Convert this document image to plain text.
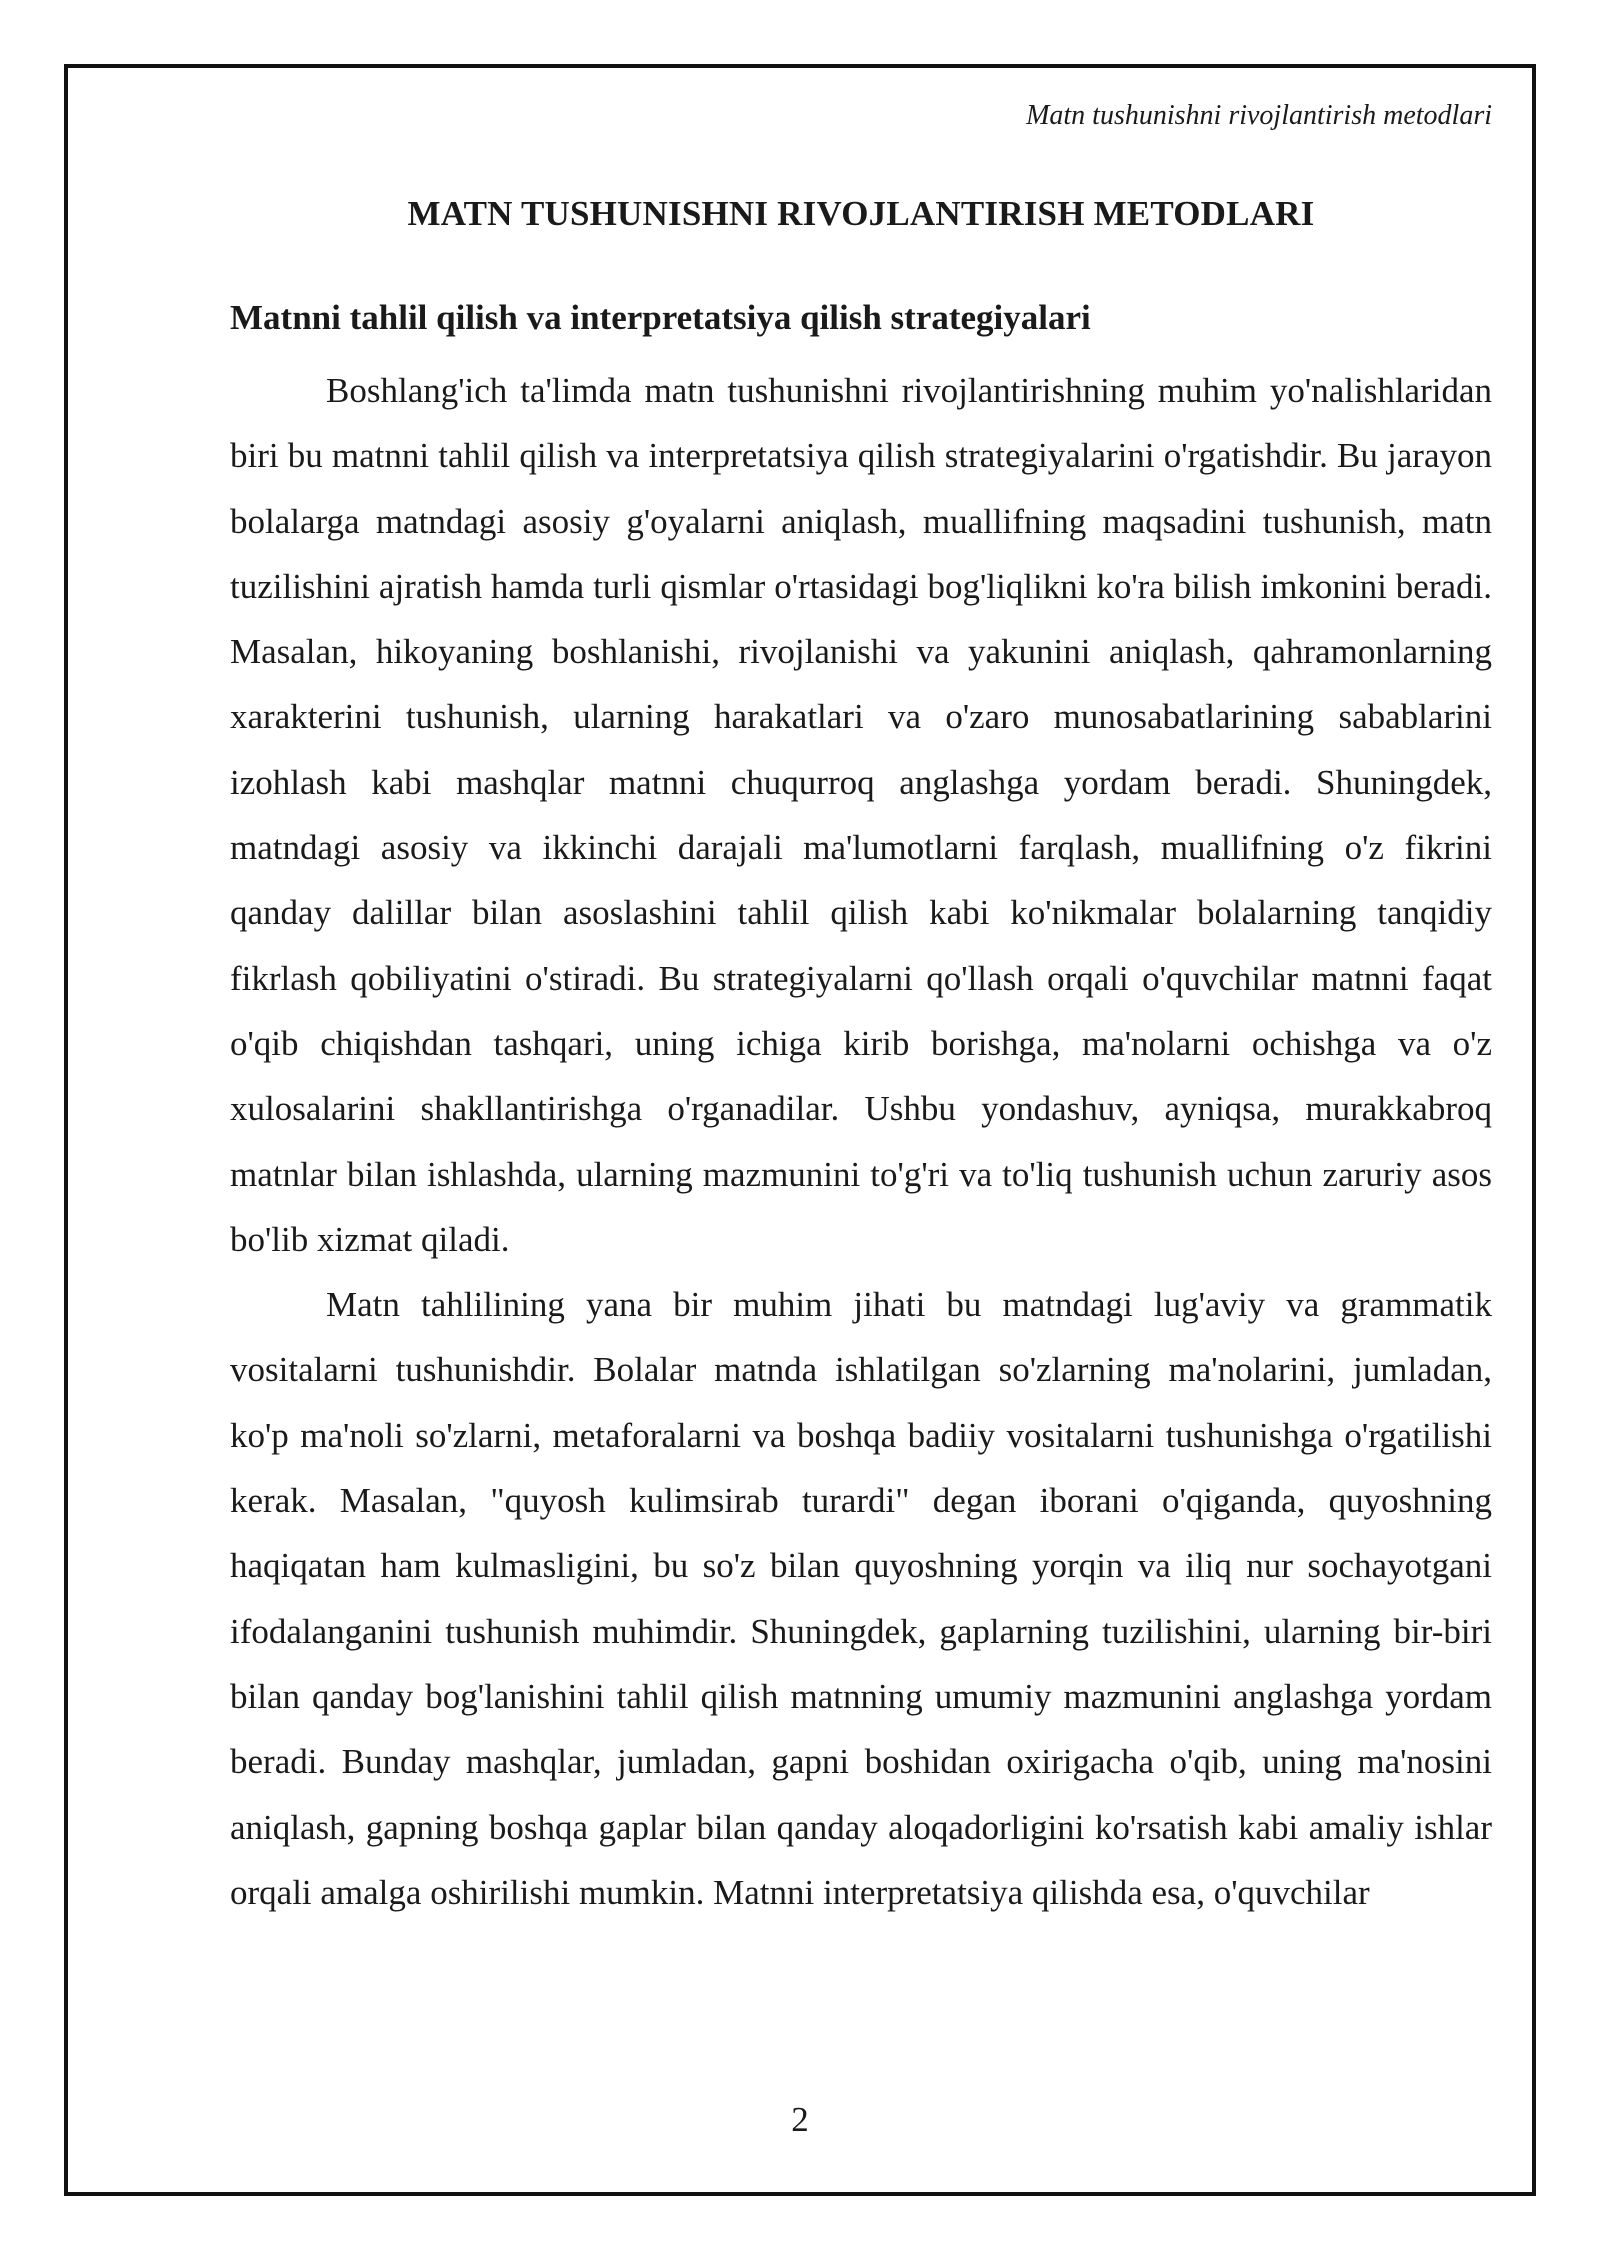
Matn tushunishni rivojlantirish metodlari
MATN TUSHUNISHNI RIVOJLANTIRISH METODLARI
Matnni tahlil qilish va interpretatsiya qilish strategiyalari

Boshlang'ich ta'limda matn tushunishni rivojlantirishning muhim yo'nalishlaridan biri bu matnni tahlil qilish va interpretatsiya qilish strategiyalarini o'rgatishdir. Bu jarayon bolalarga matndagi asosiy g'oyalarni aniqlash, muallifning maqsadini tushunish, matn tuzilishini ajratish hamda turli qismlar o'rtasidagi bog'liqlikni ko'ra bilish imkonini beradi. Masalan, hikoyaning boshlanishi, rivojlanishi va yakunini aniqlash, qahramonlarning xarakterini tushunish, ularning harakatlari va o'zaro munosabatlarining sabablarini izohlash kabi mashqlar matnni chuqurroq anglashga yordam beradi. Shuningdek, matndagi asosiy va ikkinchi darajali ma'lumotlarni farqlash, muallifning o'z fikrini qanday dalillar bilan asoslashini tahlil qilish kabi ko'nikmalar bolalarning tanqidiy fikrlash qobiliyatini o'stiradi. Bu strategiyalarni qo'llash orqali o'quvchilar matnni faqat o'qib chiqishdan tashqari, uning ichiga kirib borishga, ma'nolarni ochishga va o'z xulosalarini shakllantirishga o'rganadilar. Ushbu yondashuv, ayniqsa, murakkabroq matnlar bilan ishlashda, ularning mazmunini to'g'ri va to'liq tushunish uchun zaruriy asos bo'lib xizmat qiladi.

Matn tahlilining yana bir muhim jihati bu matndagi lug'aviy va grammatik vositalarni tushunishdir. Bolalar matnda ishlatilgan so'zlarning ma'nolarini, jumladan, ko'p ma'noli so'zlarni, metaforalarni va boshqa badiiy vositalarni tushunishga o'rgatilishi kerak. Masalan, "quyosh kulimsirab turardi" degan iborani o'qiganda, quyoshning haqiqatan ham kulmasligini, bu so'z bilan quyoshning yorqin va iliq nur sochayotgani ifodalanganini tushunish muhimdir. Shuningdek, gaplarning tuzilishini, ularning bir-biri bilan qanday bog'lanishini tahlil qilish matnning umumiy mazmunini anglashga yordam beradi. Bunday mashqlar, jumladan, gapni boshidan oxirigacha o'qib, uning ma'nosini aniqlash, gapning boshqa gaplar bilan qanday aloqadorligini ko'rsatish kabi amaliy ishlar orqali amalga oshirilishi mumkin. Matnni interpretatsiya qilishda esa, o'quvchilar

2
